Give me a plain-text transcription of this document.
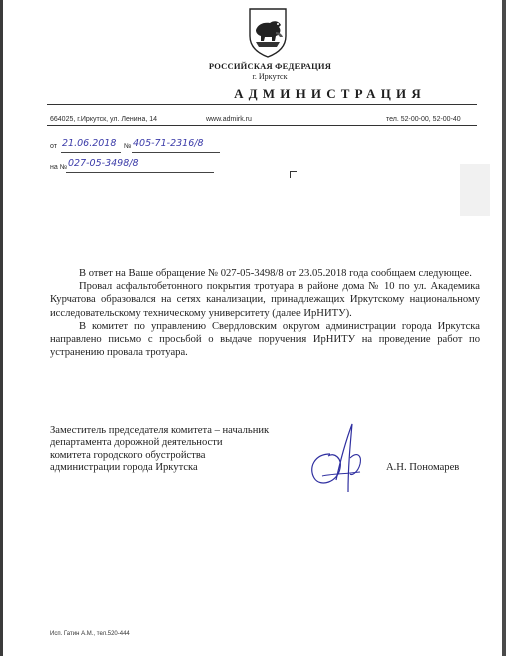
РОССИЙСКАЯ ФЕДЕРАЦИЯ
г. Иркутск
АДМИНИСТРАЦИЯ
664025, г.Иркутск, ул. Ленина, 14	www.admirk.ru	тел. 52-00-00, 52-00-40
от 21.06.2018 № 405-71-2316/8
на № 027-05-3498/8

В ответ на Ваше обращение № 027-05-3498/8 от 23.05.2018 года сообщаем следующее.

Провал асфальтобетонного покрытия тротуара в районе дома № 10 по ул. Академика Курчатова образовался на сетях канализации, принадлежащих Иркутскому национальному исследовательскому техническому университету (далее ИрНИТУ).

В комитет по управлению Свердловским округом администрации города Иркутска направлено письмо с просьбой о выдаче поручения ИрНИТУ на проведение работ по устранению провала тротуара.

Заместитель председателя комитета – начальник
департамента дорожной деятельности
комитета городского обустройства
администрации города Иркутска	А.Н. Пономарев
Исп. Гатин А.М., тел.520-444
